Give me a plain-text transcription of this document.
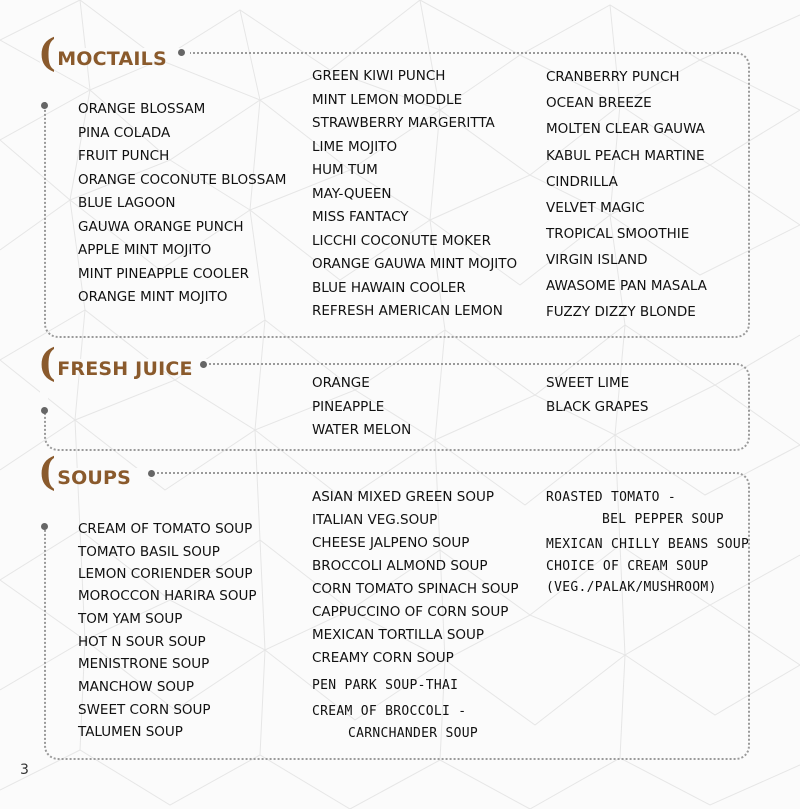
( MOCTAILS
ORANGE BLOSSAM
PINA COLADA
FRUIT PUNCH
ORANGE COCONUTE BLOSSAM
BLUE LAGOON
GAUWA ORANGE PUNCH
APPLE MINT MOJITO
MINT PINEAPPLE COOLER
ORANGE MINT MOJITO
GREEN KIWI PUNCH
MINT LEMON MODDLE
STRAWBERRY MARGERITTA
LIME MOJITO
HUM TUM
MAY-QUEEN
MISS FANTACY
LICCHI COCONUTE MOKER
ORANGE GAUWA MINT MOJITO
BLUE HAWAIN COOLER
REFRESH AMERICAN LEMON
CRANBERRY PUNCH
OCEAN BREEZE
MOLTEN CLEAR GAUWA
KABUL PEACH MARTINE
CINDRILLA
VELVET MAGIC
TROPICAL SMOOTHIE
VIRGIN ISLAND
AWASOME PAN MASALA
FUZZY DIZZY BLONDE
( FRESH JUICE
ORANGE
PINEAPPLE
WATER MELON
SWEET LIME
BLACK GRAPES
( SOUPS
CREAM OF TOMATO SOUP
TOMATO BASIL SOUP
LEMON CORIENDER SOUP
MOROCCON HARIRA SOUP
TOM YAM SOUP
HOT N SOUR SOUP
MENISTRONE SOUP
MANCHOW SOUP
SWEET CORN SOUP
TALUMEN SOUP
ASIAN MIXED GREEN SOUP
ITALIAN VEG.SOUP
CHEESE JALPENO SOUP
BROCCOLI ALMOND SOUP
CORN TOMATO SPINACH SOUP
CAPPUCCINO OF CORN SOUP
MEXICAN TORTILLA SOUP
CREAMY CORN SOUP
PEN PARK SOUP-THAI
CREAM OF BROCCOLI -
CARNCHANDER SOUP
ROASTED TOMATO -
BEL PEPPER SOUP
MEXICAN CHILLY BEANS SOUP
CHOICE OF CREAM SOUP
(VEG./PALAK/MUSHROOM)
3
